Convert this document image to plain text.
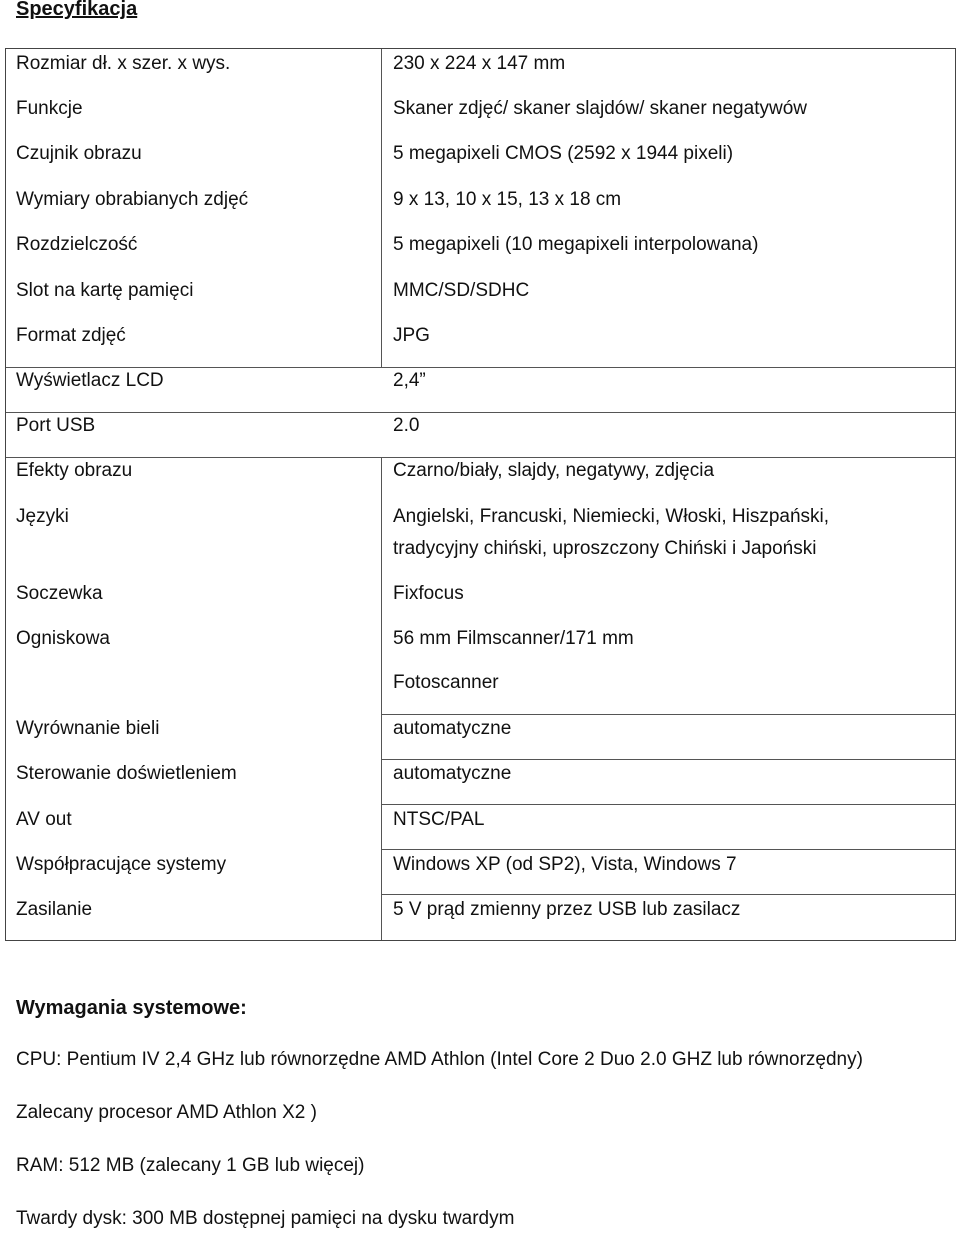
Specyfikacja
Rozmiar dł. x szer. x wys.	230 x 224 x 147 mm
Funkcje	Skaner zdjęć/ skaner slajdów/ skaner negatywów
Czujnik obrazu	5 megapixeli CMOS (2592 x 1944 pixeli)
Wymiary obrabianych zdjęć	9 x 13, 10 x 15, 13 x 18 cm
Rozdzielczość	5 megapixeli (10 megapixeli interpolowana)
Slot na kartę pamięci	MMC/SD/SDHC
Format zdjęć	JPG
Wyświetlacz LCD	2,4”
Port USB	2.0
Efekty obrazu	Czarno/biały, slajdy, negatywy, zdjęcia
Języki	Angielski, Francuski, Niemiecki, Włoski, Hiszpański,
tradycyjny chiński, uproszczony Chiński i Japoński
Soczewka	Fixfocus
Ogniskowa	56 mm Filmscanner/171 mm
Fotoscanner
Wyrównanie bieli	automatyczne
Sterowanie doświetleniem	automatyczne
AV out	NTSC/PAL
Współpracujące systemy	Windows XP (od SP2), Vista, Windows 7
Zasilanie	5 V prąd zmienny przez USB lub zasilacz
Wymagania systemowe:
CPU: Pentium IV 2,4 GHz lub równorzędne AMD Athlon (Intel Core 2 Duo 2.0 GHZ lub równorzędny)
Zalecany procesor AMD Athlon X2 )
RAM: 512 MB (zalecany 1 GB lub więcej)
Twardy dysk: 300 MB dostępnej pamięci na dysku twardym
